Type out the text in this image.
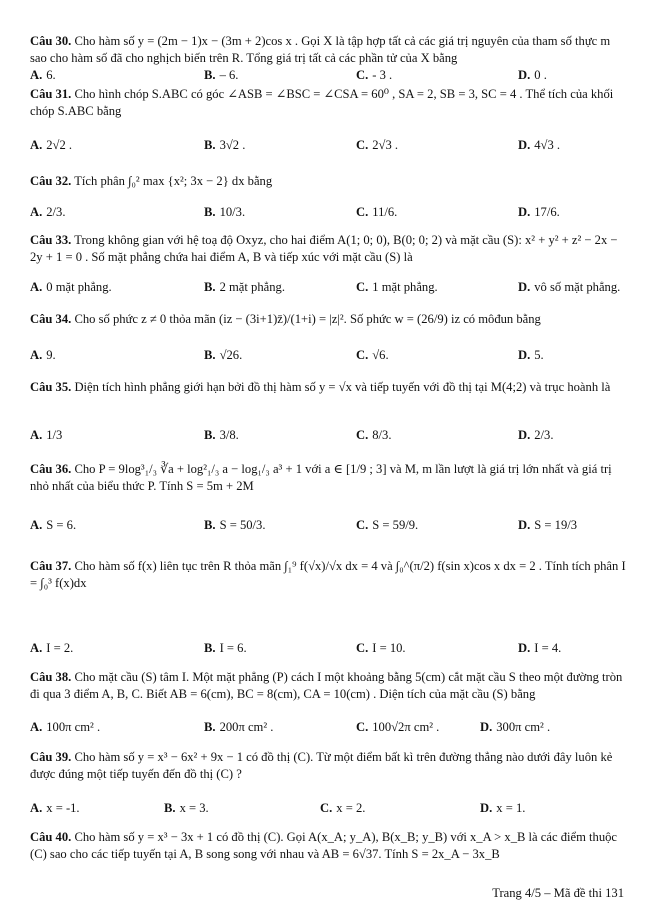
Câu 30. Cho hàm số y = (2m − 1)x − (3m + 2)cos x . Gọi X là tập hợp tất cả các giá trị nguyên của tham số thực m sao cho hàm số đã cho nghịch biến trên R. Tổng giá trị tất cả các phần tử của X bằng
A. 6.	B. – 6.	C. - 3 .	D. 0 .
Câu 31. Cho hình chóp S.ABC có góc ∠ASB = ∠BSC = ∠CSA = 60⁰ , SA = 2, SB = 3, SC = 4 . Thể tích của khối chóp S.ABC bằng
A. 2√2 .	B. 3√2 .	C. 2√3 .	D. 4√3 .
Câu 32. Tích phân ∫₀² max {x²; 3x − 2} dx bằng
A. 2/3.	B. 10/3.	C. 11/6.	D. 17/6.
Câu 33. Trong không gian với hệ toạ độ Oxyz, cho hai điểm A(1; 0; 0), B(0; 0; 2) và mặt cầu (S): x² + y² + z² − 2x − 2y + 1 = 0 . Số mặt phẳng chứa hai điểm A, B và tiếp xúc với mặt cầu (S) là
A. 0 mặt phẳng.	B. 2 mặt phẳng.	C. 1 mặt phẳng.	D. vô số mặt phẳng.
Câu 34. Cho số phức z ≠ 0 thỏa mãn (iz − (3i+1)z̄)/(1+i) = |z|². Số phức w = (26/9) iz có môđun bằng
A. 9.	B. √26.	C. √6.	D. 5.
Câu 35. Diện tích hình phẳng giới hạn bởi đồ thị hàm số y = √x và tiếp tuyến với đồ thị tại M(4;2) và trục hoành là
A. 1/3	B. 3/8.	C. 8/3.	D. 2/3.
Câu 36. Cho P = 9log³₁/₃ ∛a + log²₁/₃ a − log₁/₃ a³ + 1 với a ∈ [1/9 ; 3] và M, m lần lượt là giá trị lớn nhất và giá trị nhỏ nhất của biểu thức P. Tính S = 5m + 2M
A. S = 6.	B. S = 50/3.	C. S = 59/9.	D. S = 19/3
Câu 37. Cho hàm số f(x) liên tục trên R thỏa mãn ∫₁⁹ f(√x)/√x dx = 4 và ∫₀^(π/2) f(sin x)cos x dx = 2 . Tính tích phân I = ∫₀³ f(x)dx
A. I = 2.	B. I = 6.	C. I = 10.	D. I = 4.
Câu 38. Cho mặt cầu (S) tâm I. Một mặt phẳng (P) cách I một khoảng bằng 5(cm) cắt mặt cầu S theo một đường tròn đi qua 3 điểm A, B, C. Biết AB = 6(cm), BC = 8(cm), CA = 10(cm) . Diện tích của mặt cầu (S) bằng
A. 100π cm² .	B. 200π cm² .	C. 100√2π cm² .	D. 300π cm² .
Câu 39. Cho hàm số y = x³ − 6x² + 9x − 1 có đồ thị (C). Từ một điểm bất kì trên đường thẳng nào dưới đây luôn kẻ được đúng một tiếp tuyến đến đồ thị (C) ?
A. x = -1.	B. x = 3.	C. x = 2.	D. x = 1.
Câu 40. Cho hàm số y = x³ − 3x + 1 có đồ thị (C). Gọi A(x_A; y_A), B(x_B; y_B) với x_A > x_B là các điểm thuộc (C) sao cho các tiếp tuyến tại A, B song song với nhau và AB = 6√37. Tính S = 2x_A − 3x_B
Trang 4/5 – Mã đề thi 131
